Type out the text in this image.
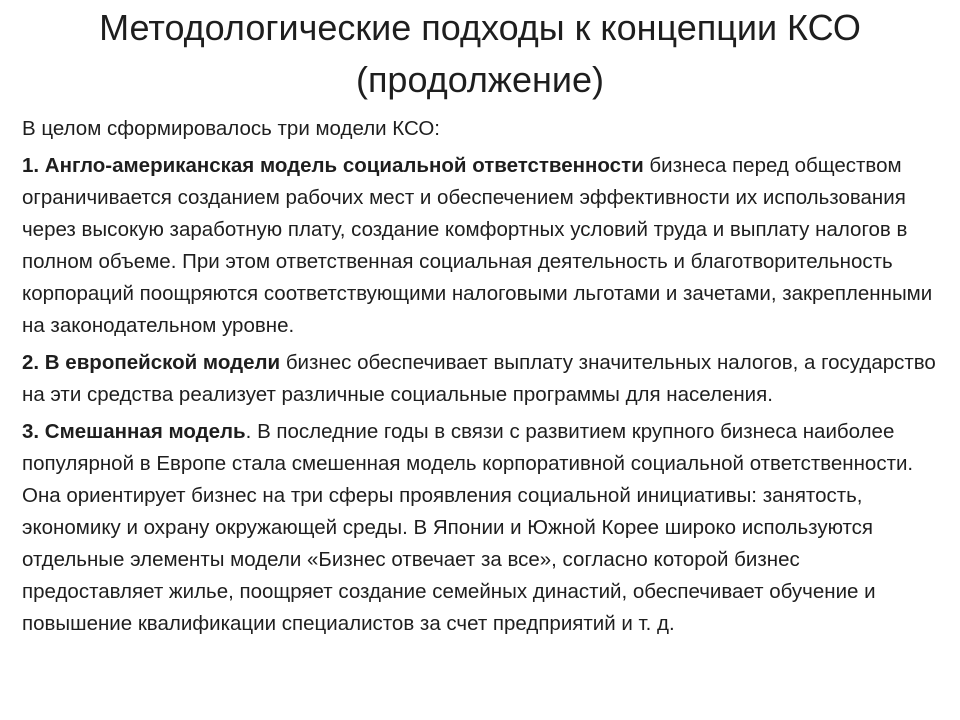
Методологические подходы к концепции КСО
(продолжение)

В целом сформировалось три модели КСО:

1. Англо-американская модель социальной ответственности бизнеса перед обществом ограничивается созданием рабочих мест и обеспечением эффективности их использования через высокую заработную плату, создание комфортных условий труда и выплату налогов в полном объеме. При этом ответственная социальная деятельность и благотворительность корпораций поощряются соответствующими налоговыми льготами и зачетами, закрепленными на законодательном уровне.

2. В европейской модели бизнес обеспечивает выплату значительных налогов, а государство на эти средства реализует различные социальные программы для населения.

3. Смешанная модель. В последние годы в связи с развитием крупного бизнеса наиболее популярной в Европе стала смешенная модель корпоративной социальной ответственности. Она ориентирует бизнес на три сферы проявления социальной инициативы: занятость, экономику и охрану окружающей среды. В Японии и Южной Корее широко используются отдельные элементы модели «Бизнес отвечает за все», согласно которой бизнес предоставляет жилье, поощряет создание семейных династий, обеспечивает обучение и повышение квалификации специалистов за счет предприятий и т. д.
